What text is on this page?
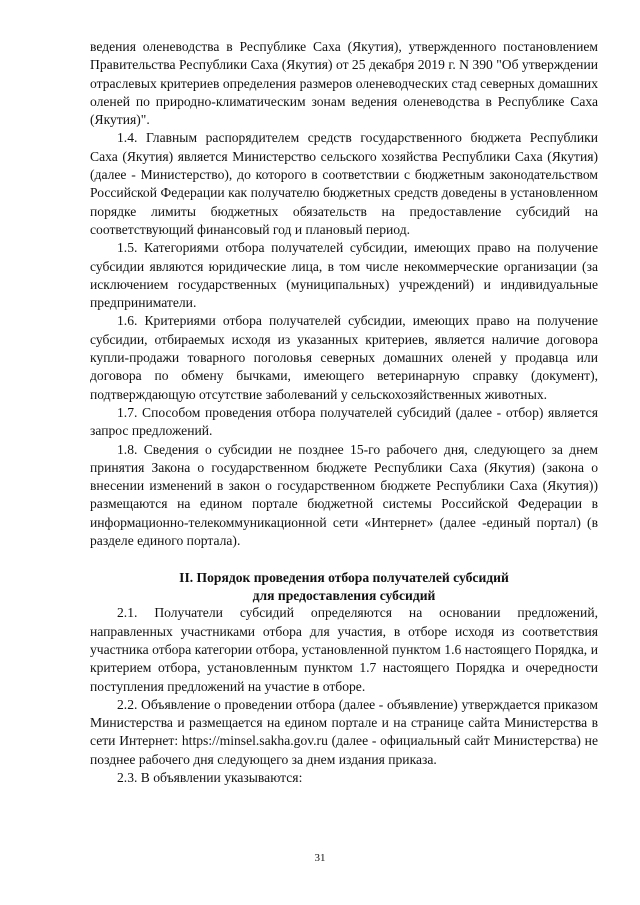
ведения оленеводства в Республике Саха (Якутия), утвержденного постановлением Правительства Республики Саха (Якутия) от 25 декабря 2019 г. N 390 "Об утверждении отраслевых критериев определения размеров оленеводческих стад северных домашних оленей по природно-климатическим зонам ведения оленеводства в Республике Саха (Якутия)".

1.4. Главным распорядителем средств государственного бюджета Республики Саха (Якутия) является Министерство сельского хозяйства Республики Саха (Якутия) (далее - Министерство), до которого в соответствии с бюджетным законодательством Российской Федерации как получателю бюджетных средств доведены в установленном порядке лимиты бюджетных обязательств на предоставление субсидий на соответствующий финансовый год и плановый период.

1.5. Категориями отбора получателей субсидии, имеющих право на получение субсидии являются юридические лица, в том числе некоммерческие организации (за исключением государственных (муниципальных) учреждений) и индивидуальные предприниматели.

1.6. Критериями отбора получателей субсидии, имеющих право на получение субсидии, отбираемых исходя из указанных критериев, является наличие договора купли-продажи товарного поголовья северных домашних оленей у продавца или договора по обмену бычками, имеющего ветеринарную справку (документ), подтверждающую отсутствие заболеваний у сельскохозяйственных животных.

1.7. Способом проведения отбора получателей субсидий (далее - отбор) является запрос предложений.

1.8. Сведения о субсидии не позднее 15-го рабочего дня, следующего за днем принятия Закона о государственном бюджете Республики Саха (Якутия) (закона о внесении изменений в закон о государственном бюджете Республики Саха (Якутия)) размещаются на едином портале бюджетной системы Российской Федерации в информационно-телекоммуникационной сети «Интернет» (далее -единый портал) (в разделе единого портала).

II. Порядок проведения отбора получателей субсидий
для предоставления субсидий

2.1. Получатели субсидий определяются на основании предложений, направленных участниками отбора для участия, в отборе исходя из соответствия участника отбора категории отбора, установленной пунктом 1.6 настоящего Порядка, и критерием отбора, установленным пунктом 1.7 настоящего Порядка и очередности поступления предложений на участие в отборе.

2.2. Объявление о проведении отбора (далее - объявление) утверждается приказом Министерства и размещается на едином портале и на странице сайта Министерства в сети Интернет: https://minsel.sakha.gov.ru (далее - официальный сайт Министерства) не позднее рабочего дня следующего за днем издания приказа.

2.3. В объявлении указываются:

31
